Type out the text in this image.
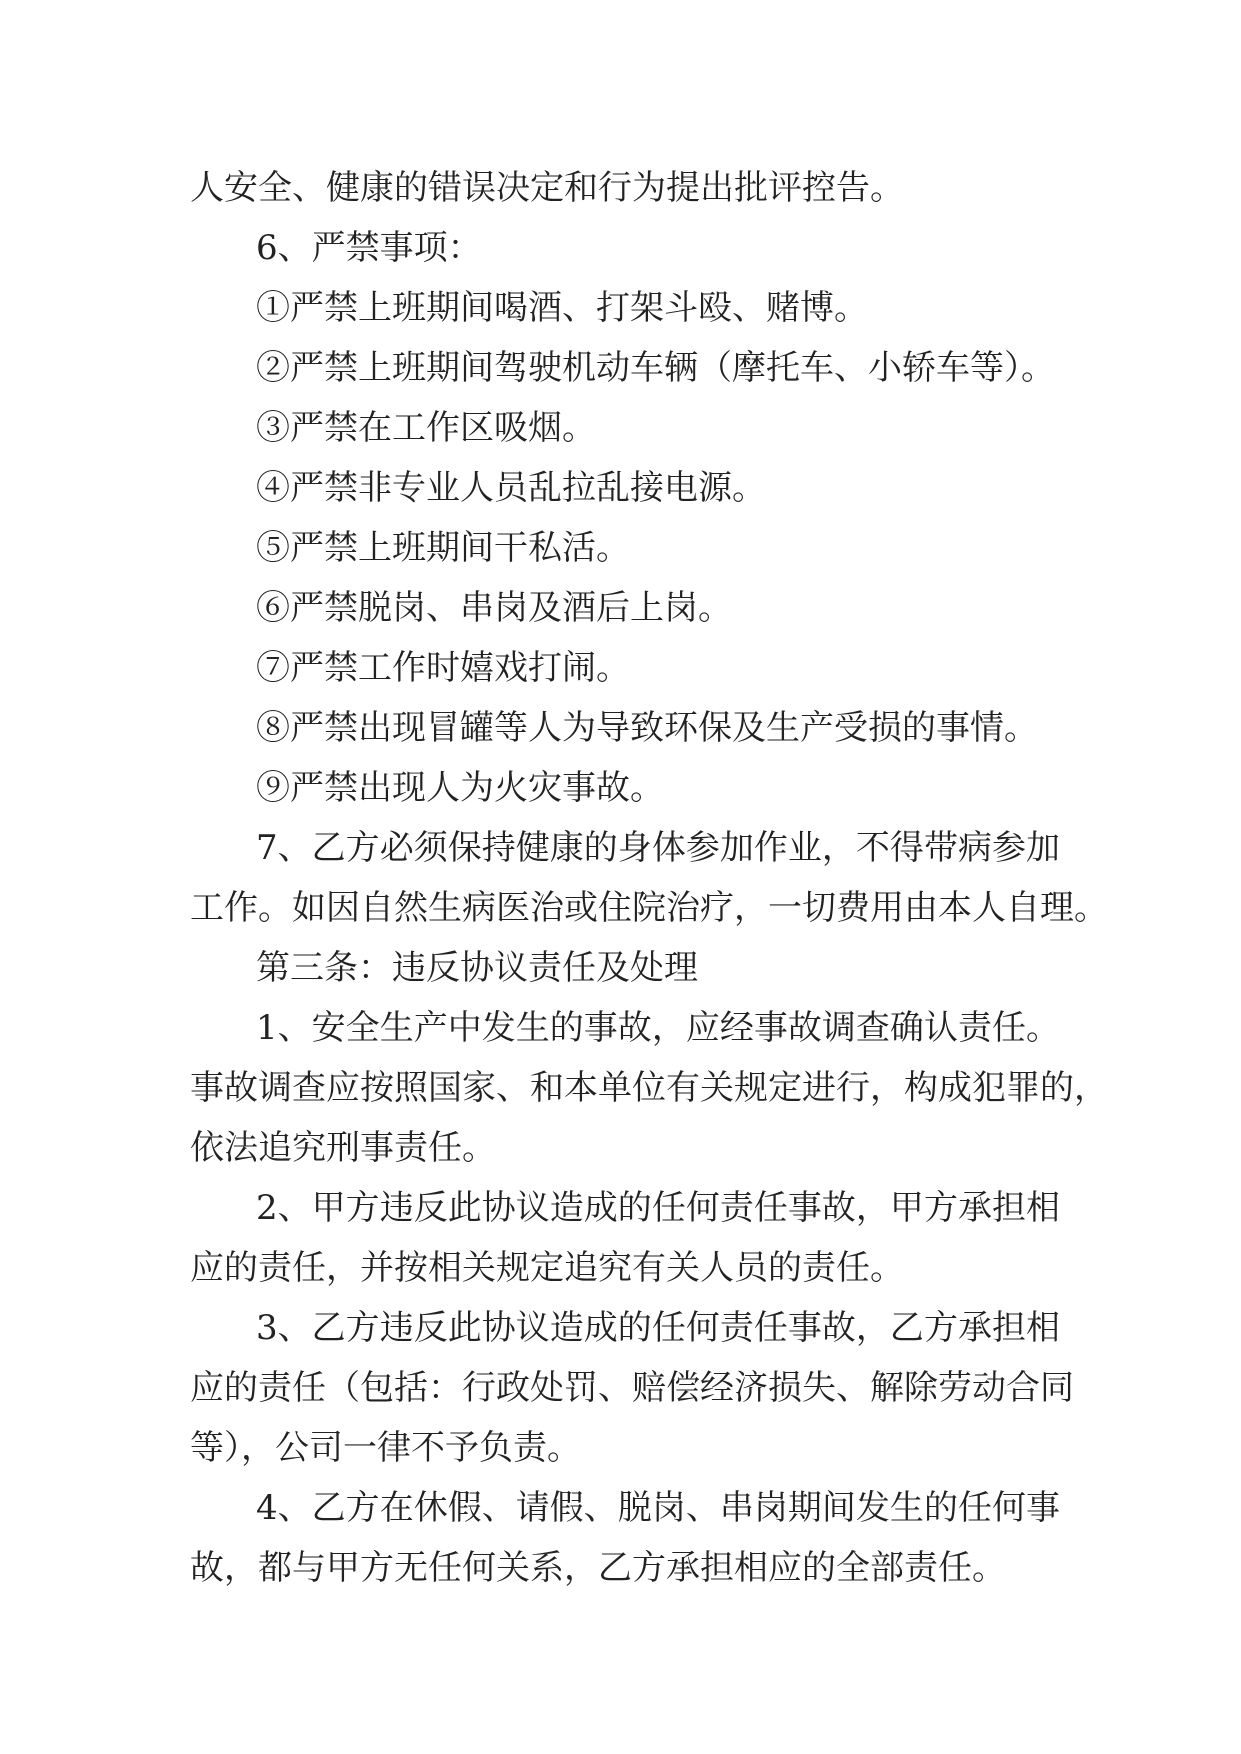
人安全、健康的错误决定和行为提出批评控告。
6、严禁事项：
①严禁上班期间喝酒、打架斗殴、赌博。
②严禁上班期间驾驶机动车辆（摩托车、小轿车等）。
③严禁在工作区吸烟。
④严禁非专业人员乱拉乱接电源。
⑤严禁上班期间干私活。
⑥严禁脱岗、串岗及酒后上岗。
⑦严禁工作时嬉戏打闹。
⑧严禁出现冒罐等人为导致环保及生产受损的事情。
⑨严禁出现人为火灾事故。
7、乙方必须保持健康的身体参加作业，不得带病参加
工作。如因自然生病医治或住院治疗，一切费用由本人自理。
第三条：违反协议责任及处理
1、安全生产中发生的事故，应经事故调查确认责任。
事故调查应按照国家、和本单位有关规定进行，构成犯罪的，
依法追究刑事责任。
2、甲方违反此协议造成的任何责任事故，甲方承担相
应的责任，并按相关规定追究有关人员的责任。
3、乙方违反此协议造成的任何责任事故，乙方承担相
应的责任（包括：行政处罚、赔偿经济损失、解除劳动合同
等），公司一律不予负责。
4、乙方在休假、请假、脱岗、串岗期间发生的任何事
故，都与甲方无任何关系，乙方承担相应的全部责任。
